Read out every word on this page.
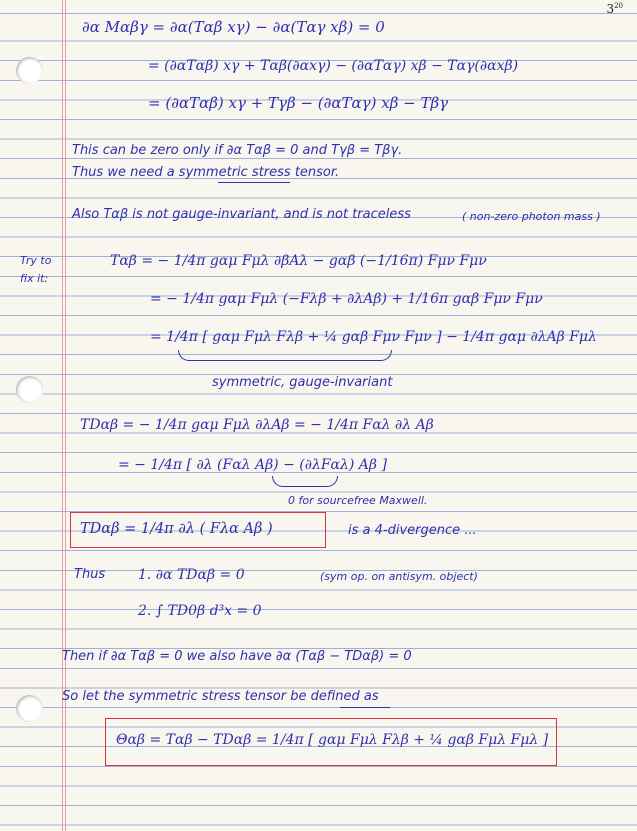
$3^{20}$
∂α Mαβγ = ∂α(Tαβ xγ) − ∂α(Tαγ xβ) = 0
= (∂αTαβ) xγ + Tαβ(∂αxγ) − (∂αTαγ) xβ − Tαγ(∂αxβ)
= (∂αTαβ) xγ + Tγβ − (∂αTαγ) xβ − Tβγ
This can be zero only if ∂α Tαβ = 0 and Tγβ = Tβγ.
Thus we need a symmetric stress tensor.
Also Tαβ is not gauge-invariant, and is not traceless	( non-zero photon mass )
Try to fix it:
Tαβ = − 1/4π gαμ Fμλ ∂βAλ − gαβ (−1/16π) Fμν Fμν
= − 1/4π gαμ Fμλ (−Fλβ + ∂λAβ) + 1/16π gαβ Fμν Fμν
= 1/4π [ gαμ Fμλ Fλβ + ¼ gαβ Fμν Fμν ] − 1/4π gαμ ∂λAβ Fμλ
symmetric, gauge-invariant
TDαβ = − 1/4π gαμ Fμλ ∂λAβ = − 1/4π Fαλ ∂λ Aβ
= − 1/4π [ ∂λ (Fαλ Aβ) − (∂λFαλ) Aβ ]
0 for sourcefree Maxwell.
TDαβ = 1/4π ∂λ ( Fλα Aβ )	is a 4-divergence ...
Thus 1. ∂α TDαβ = 0	(sym op. on antisym. object)
2. ∫ TD0β d³x = 0
Then if ∂α Tαβ = 0 we also have ∂α (Tαβ − TDαβ) = 0
So let the symmetric stress tensor be defined as
Θαβ = Tαβ − TDαβ = 1/4π [ gαμ Fμλ Fλβ + ¼ gαβ Fμλ Fμλ ]
